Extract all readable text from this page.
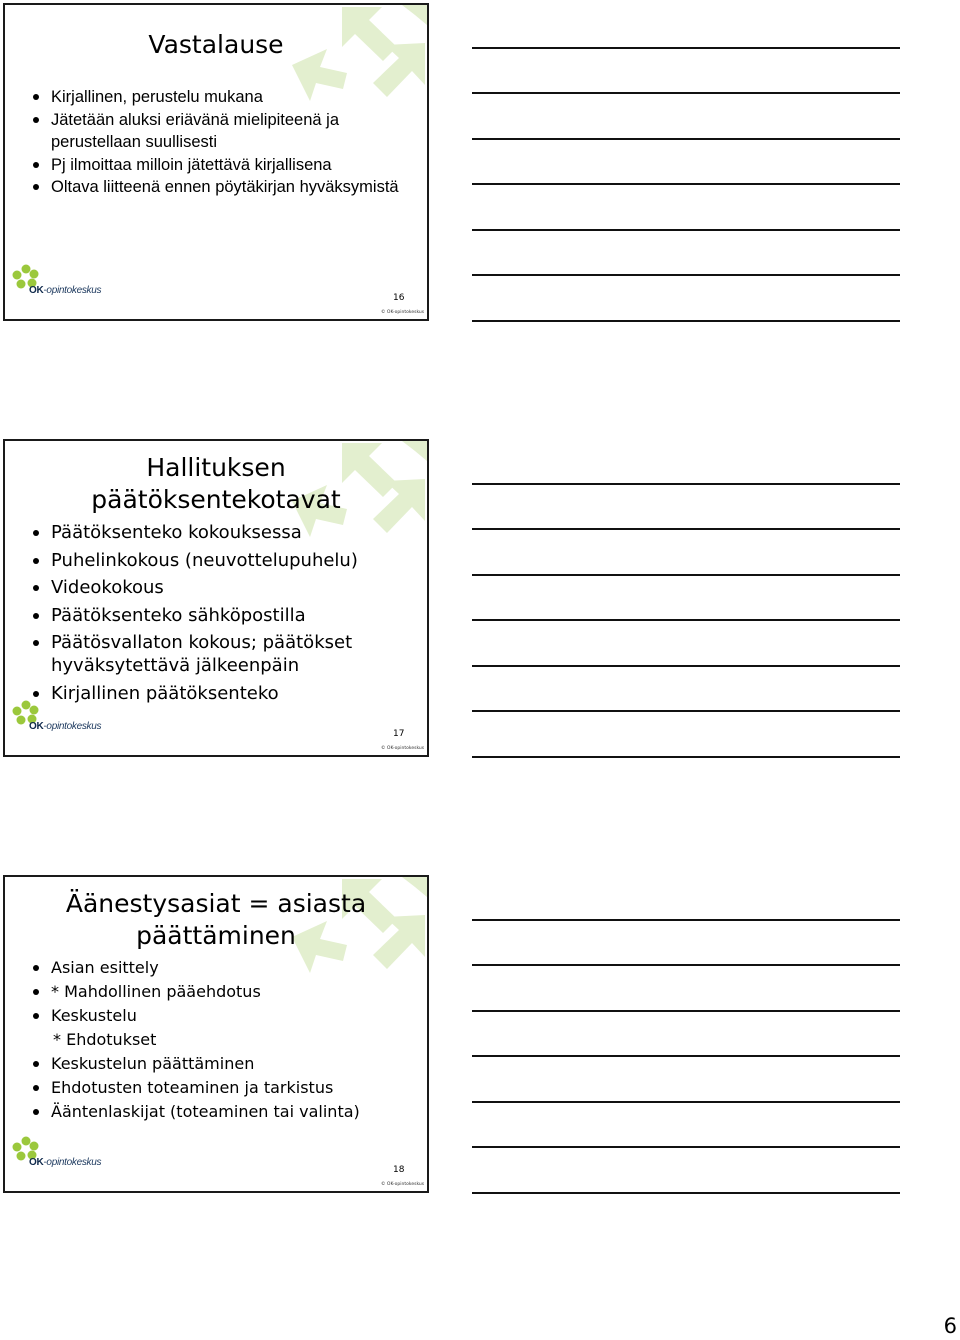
Vastalause
Kirjallinen, perustelu mukana
Jätetään aluksi eriävänä mielipiteenä ja perustellaan suullisesti
Pj ilmoittaa milloin jätettävä kirjallisena
Oltava liitteenä ennen pöytäkirjan hyväksymistä
OK-opintokeskus
16
© OK-opintokeskus
Hallituksen päätöksentekotavat
Päätöksenteko kokouksessa
Puhelinkokous (neuvottelupuhelu)
Videokokous
Päätöksenteko sähköpostilla
Päätösvallaton kokous; päätökset hyväksytettävä jälkeenpäin
Kirjallinen päätöksenteko
OK-opintokeskus
17
© OK-opintokeskus
Äänestysasiat = asiasta päättäminen
Asian esittely
* Mahdollinen pääehdotus
Keskustelu
* Ehdotukset
Keskustelun päättäminen
Ehdotusten toteaminen ja tarkistus
Ääntenlaskijat (toteaminen tai valinta)
OK-opintokeskus
18
© OK-opintokeskus
6
